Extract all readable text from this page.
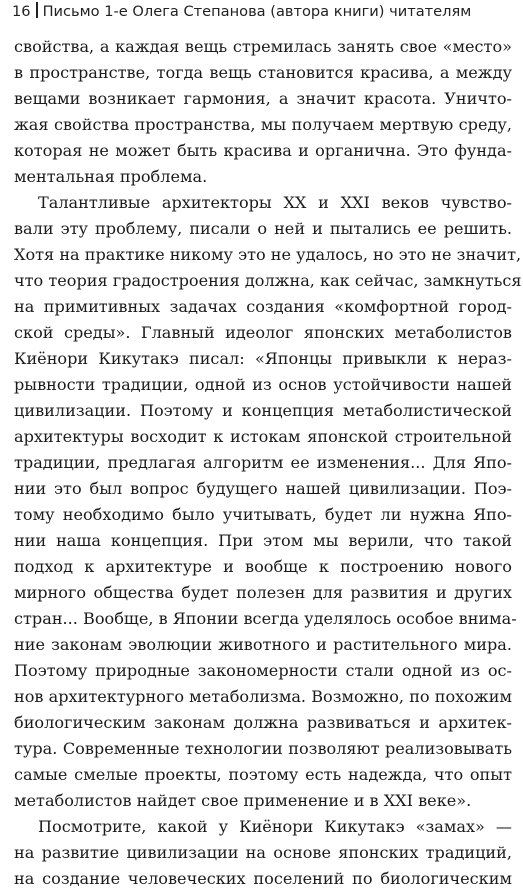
16 Письмо 1-е Олега Степанова (автора книги) читателям
свойства, а каждая вещь стремилась занять свое «место»
в пространстве, тогда вещь становится красива, а между
вещами возникает гармония, а значит красота. Уничто-
жая свойства пространства, мы получаем мертвую среду,
которая не может быть красива и органична. Это фунда-
ментальная проблема.
Талантливые архитекторы XX и XXI веков чувство-
вали эту проблему, писали о ней и пытались ее решить.
Хотя на практике никому это не удалось, но это не значит,
что теория градостроения должна, как сейчас, замкнуться
на примитивных задачах создания «комфортной город-
ской среды». Главный идеолог японских метаболистов
Киёнори Кикутакэ писал: «Японцы привыкли к нераз-
рывности традиции, одной из основ устойчивости нашей
цивилизации. Поэтому и концепция метаболистической
архитектуры восходит к истокам японской строительной
традиции, предлагая алгоритм ее изменения... Для Япо-
нии это был вопрос будущего нашей цивилизации. Поэ-
тому необходимо было учитывать, будет ли нужна Япо-
нии наша концепция. При этом мы верили, что такой
подход к архитектуре и вообще к построению нового
мирного общества будет полезен для развития и других
стран... Вообще, в Японии всегда уделялось особое внима-
ние законам эволюции животного и растительного мира.
Поэтому природные закономерности стали одной из ос-
нов архитектурного метаболизма. Возможно, по похожим
биологическим законам должна развиваться и архитек-
тура. Современные технологии позволяют реализовывать
самые смелые проекты, поэтому есть надежда, что опыт
метаболистов найдет свое применение и в XXI веке».
Посмотрите, какой у Киёнори Кикутакэ «замах» —
на развитие цивилизации на основе японских традиций,
на создание человеческих поселений по биологическим
